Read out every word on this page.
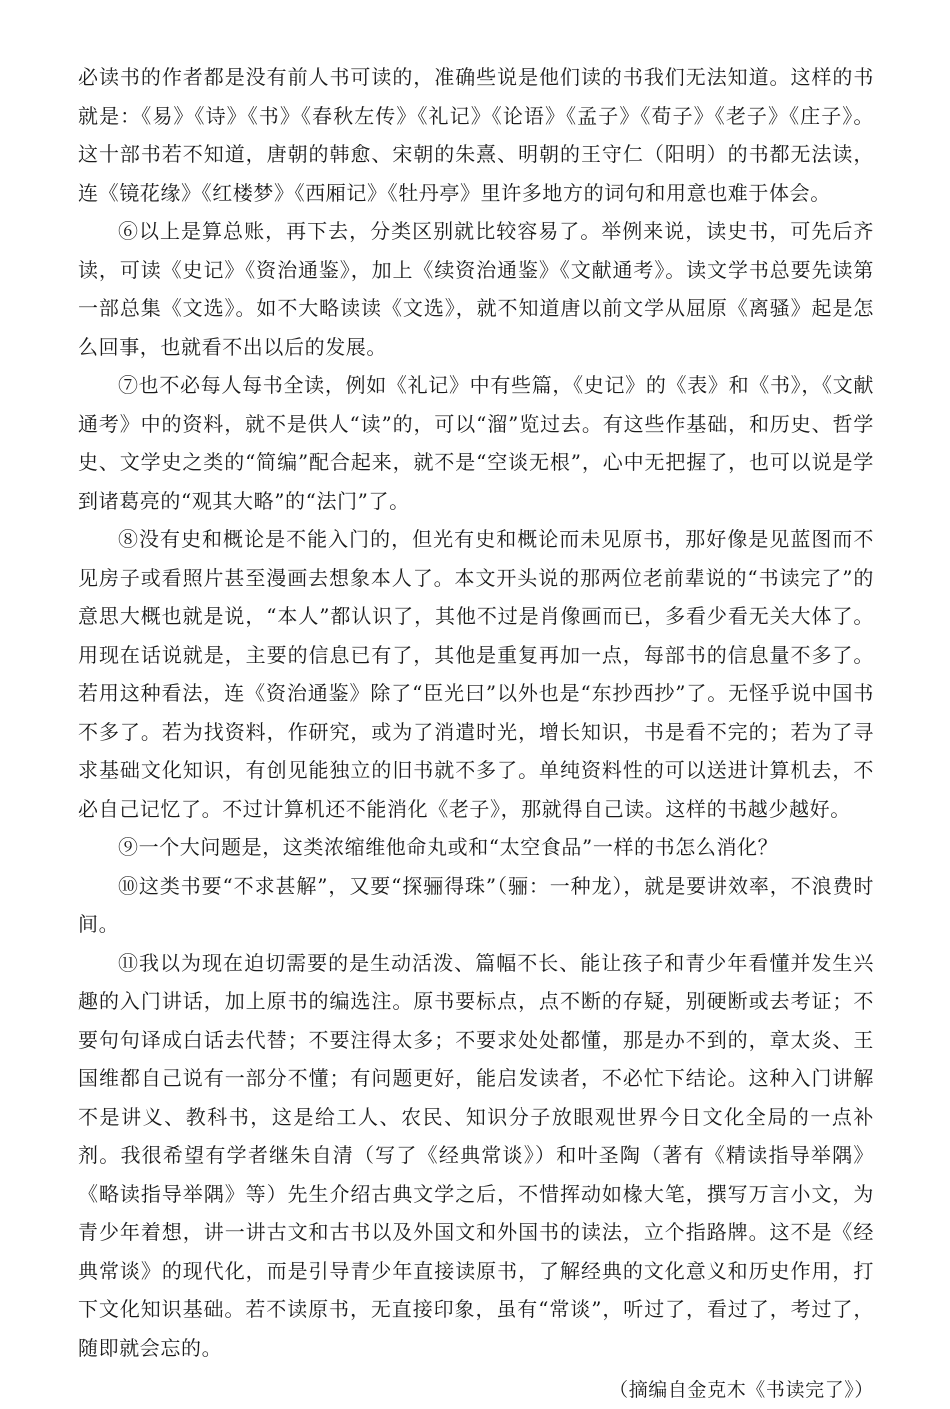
必读书的作者都是没有前人书可读的，准确些说是他们读的书我们无法知道。这样的书就是：《易》《诗》《书》《春秋左传》《礼记》《论语》《孟子》《荀子》《老子》《庄子》。这十部书若不知道，唐朝的韩愈、宋朝的朱熹、明朝的王守仁（阳明）的书都无法读，连《镜花缘》《红楼梦》《西厢记》《牡丹亭》里许多地方的词句和用意也难于体会。

⑥以上是算总账，再下去，分类区别就比较容易了。举例来说，读史书，可先后齐读，可读《史记》《资治通鉴》，加上《续资治通鉴》《文献通考》。读文学书总要先读第一部总集《文选》。如不大略读读《文选》，就不知道唐以前文学从屈原《离骚》起是怎么回事，也就看不出以后的发展。

⑦也不必每人每书全读，例如《礼记》中有些篇，《史记》的《表》和《书》，《文献通考》中的资料，就不是供人“读”的，可以“溜”览过去。有这些作基础，和历史、哲学史、文学史之类的“简编”配合起来，就不是“空谈无根”，心中无把握了，也可以说是学到诸葛亮的“观其大略”的“法门”了。

⑧没有史和概论是不能入门的，但光有史和概论而未见原书，那好像是见蓝图而不见房子或看照片甚至漫画去想象本人了。本文开头说的那两位老前辈说的“书读完了”的意思大概也就是说，“本人”都认识了，其他不过是肖像画而已，多看少看无关大体了。用现在话说就是，主要的信息已有了，其他是重复再加一点，每部书的信息量不多了。若用这种看法，连《资治通鉴》除了“臣光曰”以外也是“东抄西抄”了。无怪乎说中国书不多了。若为找资料，作研究，或为了消遣时光，增长知识，书是看不完的；若为了寻求基础文化知识，有创见能独立的旧书就不多了。单纯资料性的可以送进计算机去，不必自己记忆了。不过计算机还不能消化《老子》，那就得自己读。这样的书越少越好。

⑨一个大问题是，这类浓缩维他命丸或和“太空食品”一样的书怎么消化？

⑩这类书要“不求甚解”，又要“探骊得珠”（骊：一种龙），就是要讲效率，不浪费时间。

⑪我以为现在迫切需要的是生动活泼、篇幅不长、能让孩子和青少年看懂并发生兴趣的入门讲话，加上原书的编选注。原书要标点，点不断的存疑，别硬断或去考证；不要句句译成白话去代替；不要注得太多；不要求处处都懂，那是办不到的，章太炎、王国维都自己说有一部分不懂；有问题更好，能启发读者，不必忙下结论。这种入门讲解不是讲义、教科书，这是给工人、农民、知识分子放眼观世界今日文化全局的一点补剂。我很希望有学者继朱自清（写了《经典常谈》）和叶圣陶（著有《精读指导举隅》《略读指导举隅》等）先生介绍古典文学之后，不惜挥动如椽大笔，撰写万言小文，为青少年着想，讲一讲古文和古书以及外国文和外国书的读法，立个指路牌。这不是《经典常谈》的现代化，而是引导青少年直接读原书，了解经典的文化意义和历史作用，打下文化知识基础。若不读原书，无直接印象，虽有“常谈”，听过了，看过了，考过了，随即就会忘的。

（摘编自金克木《书读完了》）
